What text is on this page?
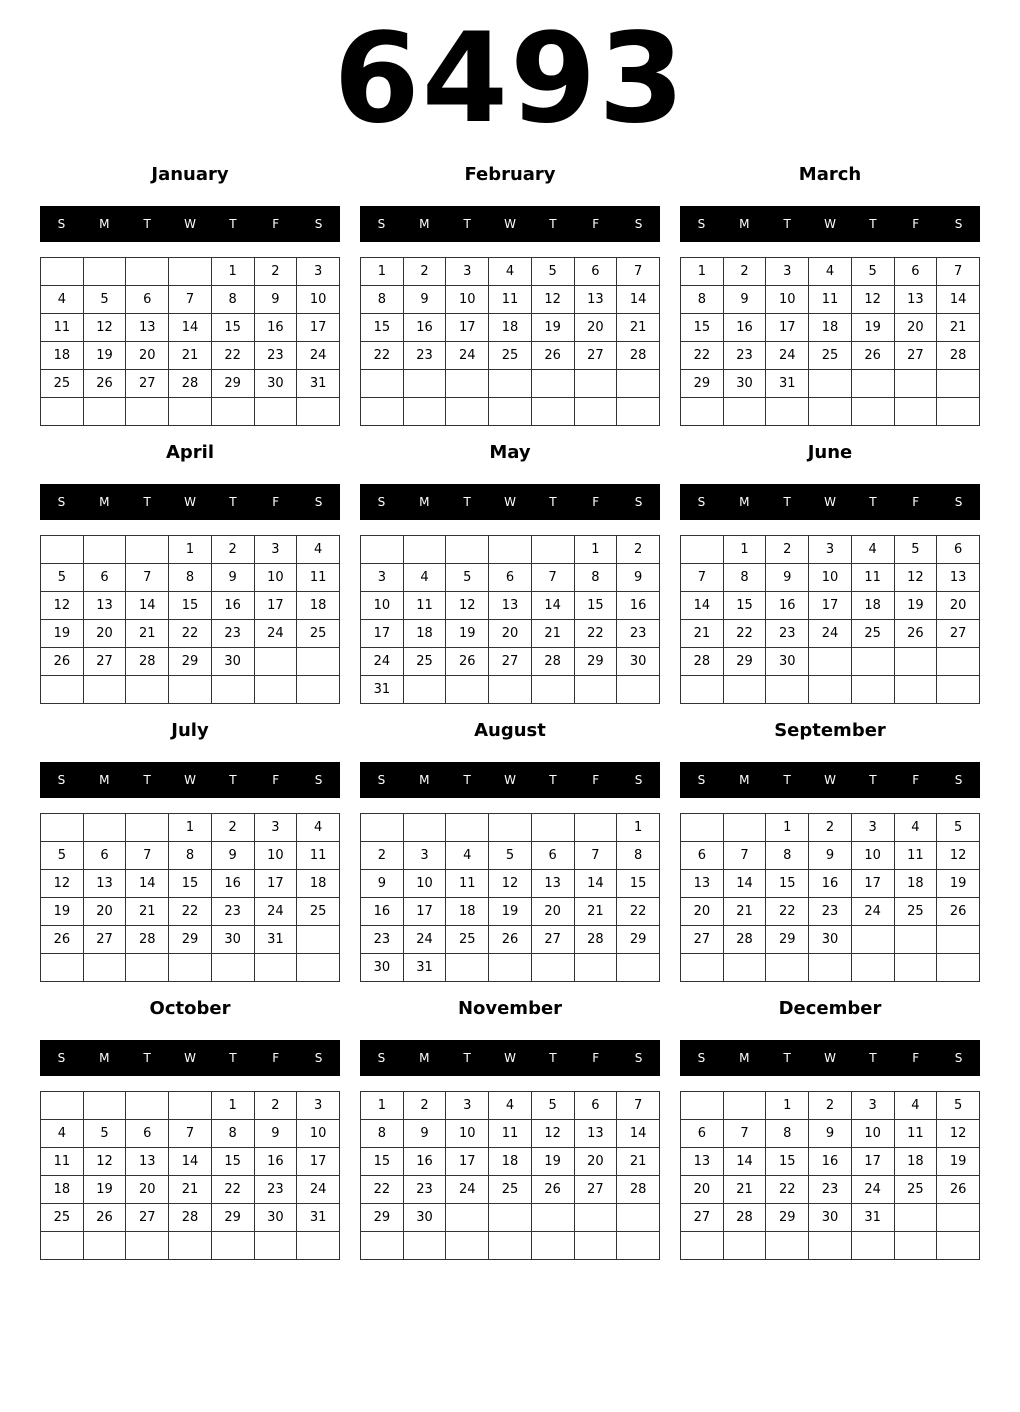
6493
January
S	M	T	W	T	F	S
				1	2	3
4	5	6	7	8	9	10
11	12	13	14	15	16	17
18	19	20	21	22	23	24
25	26	27	28	29	30	31

February
S	M	T	W	T	F	S
1	2	3	4	5	6	7
8	9	10	11	12	13	14
15	16	17	18	19	20	21
22	23	24	25	26	27	28

March
S	M	T	W	T	F	S
1	2	3	4	5	6	7
8	9	10	11	12	13	14
15	16	17	18	19	20	21
22	23	24	25	26	27	28
29	30	31				

April
S	M	T	W	T	F	S
			1	2	3	4
5	6	7	8	9	10	11
12	13	14	15	16	17	18
19	20	21	22	23	24	25
26	27	28	29	30		

May
S	M	T	W	T	F	S
					1	2
3	4	5	6	7	8	9
10	11	12	13	14	15	16
17	18	19	20	21	22	23
24	25	26	27	28	29	30
31						
June
S	M	T	W	T	F	S
	1	2	3	4	5	6
7	8	9	10	11	12	13
14	15	16	17	18	19	20
21	22	23	24	25	26	27
28	29	30				

July
S	M	T	W	T	F	S
			1	2	3	4
5	6	7	8	9	10	11
12	13	14	15	16	17	18
19	20	21	22	23	24	25
26	27	28	29	30	31	

August
S	M	T	W	T	F	S
						1
2	3	4	5	6	7	8
9	10	11	12	13	14	15
16	17	18	19	20	21	22
23	24	25	26	27	28	29
30	31					
September
S	M	T	W	T	F	S
		1	2	3	4	5
6	7	8	9	10	11	12
13	14	15	16	17	18	19
20	21	22	23	24	25	26
27	28	29	30			

October
S	M	T	W	T	F	S
				1	2	3
4	5	6	7	8	9	10
11	12	13	14	15	16	17
18	19	20	21	22	23	24
25	26	27	28	29	30	31

November
S	M	T	W	T	F	S
1	2	3	4	5	6	7
8	9	10	11	12	13	14
15	16	17	18	19	20	21
22	23	24	25	26	27	28
29	30					

December
S	M	T	W	T	F	S
		1	2	3	4	5
6	7	8	9	10	11	12
13	14	15	16	17	18	19
20	21	22	23	24	25	26
27	28	29	30	31		
